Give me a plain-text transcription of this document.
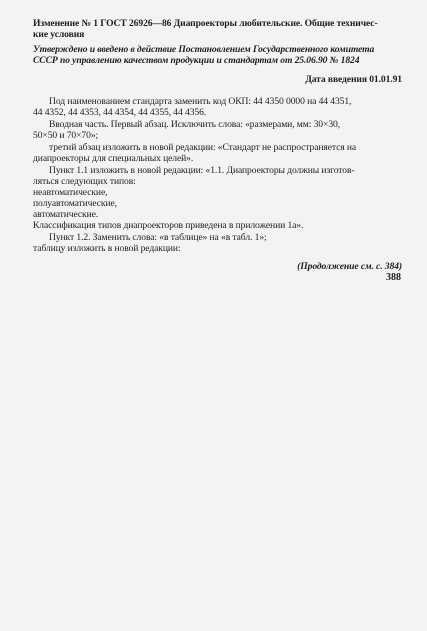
Изменение № 1 ГОСТ 26926—86 Диапроекторы любительские. Общие техничес-
кие условия
Утверждено и введено в действие Постановлением Государственного комитета
СССР по управлению качеством продукции и стандартам от 25.06.90 № 1824
Дата введения 01.01.91
Под наименованием стандарта заменить код ОКП: 44 4350 0000 на 44 4351,
44 4352, 44 4353, 44 4354, 44 4355, 44 4356.
Вводная часть. Первый абзац. Исключить слова: «размерами, мм: 30×30,
50×50 и 70×70»;
третий абзац изложить в новой редакции: «Стандарт не распространяется на
диапроекторы для специальных целей».
Пункт 1.1 изложить в новой редакции: «1.1. Диапроекторы должны изготов-
ляться следующих типов:
неавтоматические,
полуавтоматические,
автоматические.
Классификация типов диапроекторов приведена в приложении 1а».
Пункт 1.2. Заменить слова: «в таблице» на «в табл. 1»;
таблицу изложить в новой редакции:
(Продолжение см. с. 384)
388
